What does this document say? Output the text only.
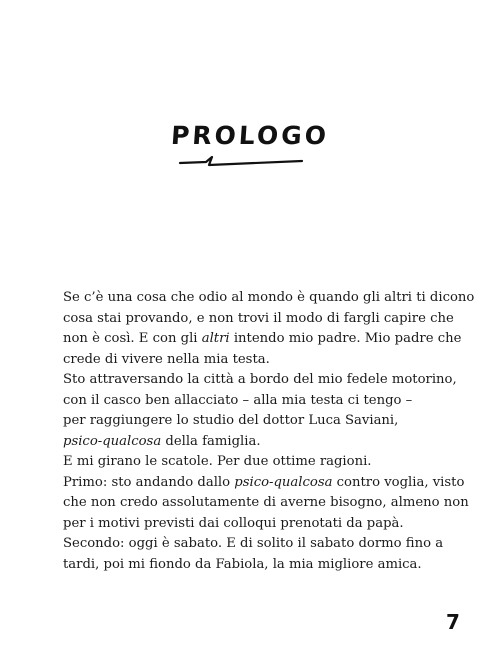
PROLOGO
Se c’è una cosa che odio al mondo è quando gli altri ti dicono
cosa stai provando, e non trovi il modo di fargli capire che
non è così. E con gli altri intendo mio padre. Mio padre che
crede di vivere nella mia testa.
Sto attraversando la città a bordo del mio fedele motorino,
con il casco ben allacciato – alla mia testa ci tengo –
per raggiungere lo studio del dottor Luca Saviani,
psico-qualcosa della famiglia.
E mi girano le scatole. Per due ottime ragioni.
Primo: sto andando dallo psico-qualcosa contro voglia, visto
che non credo assolutamente di averne bisogno, almeno non
per i motivi previsti dai colloqui prenotati da papà.
Secondo: oggi è sabato. E di solito il sabato dormo fino a
tardi, poi mi fiondo da Fabiola, la mia migliore amica.
7
